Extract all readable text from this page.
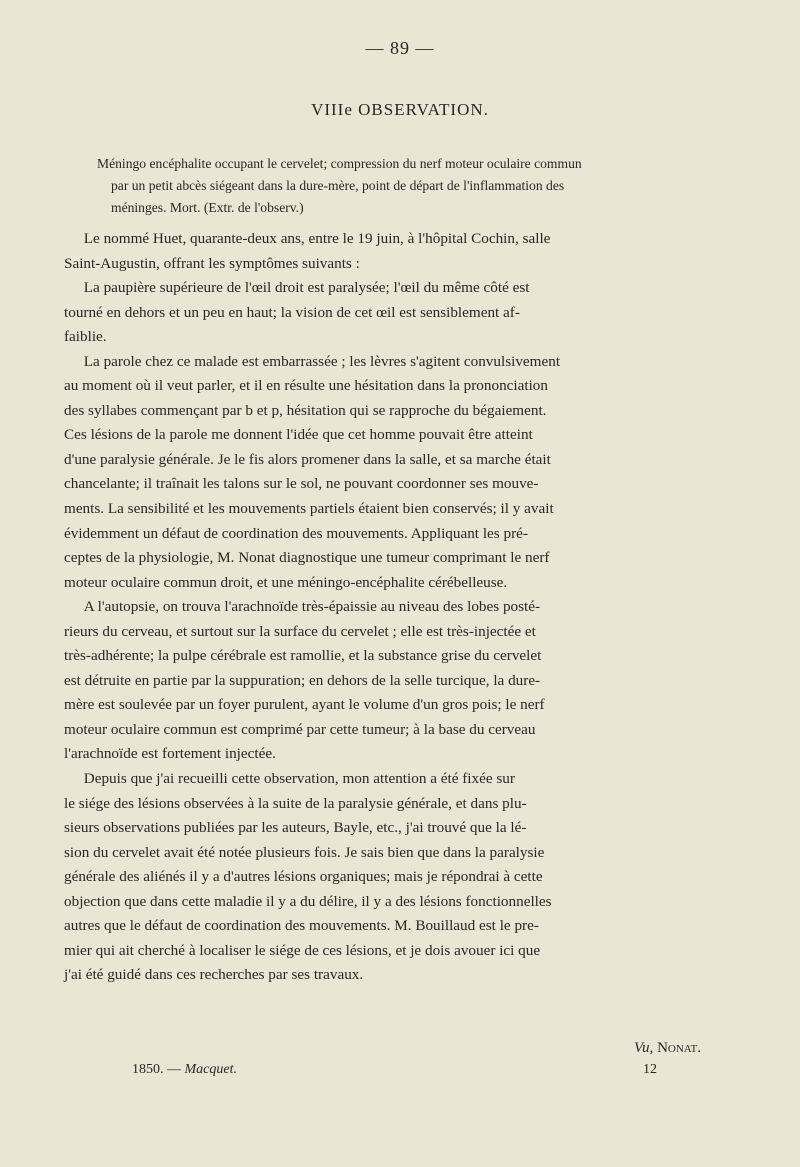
— 89 —
VIIIe OBSERVATION.
Méningo encéphalite occupant le cervelet; compression du nerf moteur oculaire commun
par un petit abcès siégeant dans la dure-mère, point de départ de l'inflammation des
méninges. Mort. (Extr. de l'observ.)

Le nommé Huet, quarante-deux ans, entre le 19 juin, à l'hôpital Cochin, salle
Saint-Augustin, offrant les symptômes suivants :

La paupière supérieure de l'œil droit est paralysée; l'œil du même côté est
tourné en dehors et un peu en haut; la vision de cet œil est sensiblement af-
faiblie.

La parole chez ce malade est embarrassée ; les lèvres s'agitent convulsivement
au moment où il veut parler, et il en résulte une hésitation dans la prononciation
des syllabes commençant par b et p, hésitation qui se rapproche du bégaiement.
Ces lésions de la parole me donnent l'idée que cet homme pouvait être atteint
d'une paralysie générale. Je le fis alors promener dans la salle, et sa marche était
chancelante; il traînait les talons sur le sol, ne pouvant coordonner ses mouve-
ments. La sensibilité et les mouvements partiels étaient bien conservés; il y avait
évidemment un défaut de coordination des mouvements. Appliquant les pré-
ceptes de la physiologie, M. Nonat diagnostique une tumeur comprimant le nerf
moteur oculaire commun droit, et une méningo-encéphalite cérébelleuse.

A l'autopsie, on trouva l'arachnoïde très-épaissie au niveau des lobes posté-
rieurs du cerveau, et surtout sur la surface du cervelet ; elle est très-injectée et
très-adhérente; la pulpe cérébrale est ramollie, et la substance grise du cervelet
est détruite en partie par la suppuration; en dehors de la selle turcique, la dure-
mère est soulevée par un foyer purulent, ayant le volume d'un gros pois; le nerf
moteur oculaire commun est comprimé par cette tumeur; à la base du cerveau
l'arachnoïde est fortement injectée.

Depuis que j'ai recueilli cette observation, mon attention a été fixée sur
le siége des lésions observées à la suite de la paralysie générale, et dans plu-
sieurs observations publiées par les auteurs, Bayle, etc., j'ai trouvé que la lé-
sion du cervelet avait été notée plusieurs fois. Je sais bien que dans la paralysie
générale des aliénés il y a d'autres lésions organiques; mais je répondrai à cette
objection que dans cette maladie il y a du délire, il y a des lésions fonctionnelles
autres que le défaut de coordination des mouvements. M. Bouillaud est le pre-
mier qui ait cherché à localiser le siége de ces lésions, et je dois avouer ici que
j'ai été guidé dans ces recherches par ses travaux.

Vu, Nonat.
1850. — Macquet.	12
